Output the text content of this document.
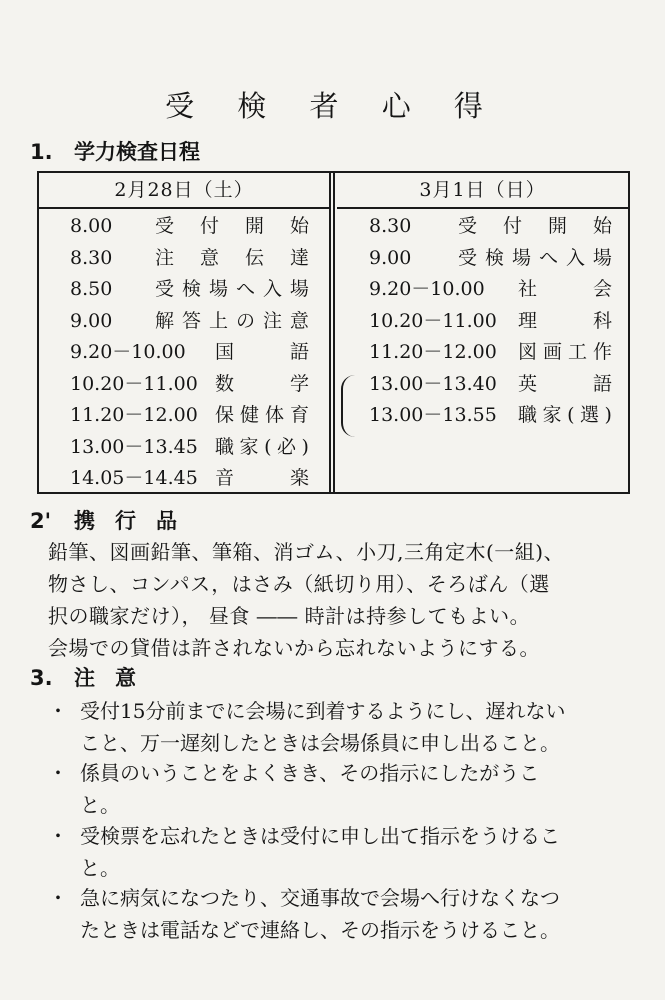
受 検 者 心 得
1. 学力検査日程
2月28日（土）
8.00 受 付 開 始
8.30 注 意 伝 達
8.50 受 検 場 へ 入 場
9.00 解 答 上 の 注 意
9.20－10.00 国	語
10.20－11.00 数	学
11.20－12.00 保 健 体 育
13.00－13.45 職 家 ( 必 )
14.05－14.45 音	楽
3月1日（日）
8.30 受 付 開 始
9.00 受 検 場 へ 入 場
9.20－10.00 社	会
10.20－11.00 理	科
11.20－12.00 図 画 工 作
13.00－13.40 英	語
13.00－13.55 職 家 ( 選 )
2' 携行品
鉛筆、図画鉛筆、筆箱、消ゴム、小刀,三角定木(一組)、
物さし、コンパス，はさみ（紙切り用）、そろばん（選
択の職家だけ）， 昼食 ―― 時計は持参してもよい。
会場での貸借は許されないから忘れないようにする。
3. 注意
・ 受付15分前までに会場に到着するようにし、遅れない
こと、万一遅刻したときは会場係員に申し出ること。
・ 係員のいうことをよくきき、その指示にしたがうこ
と。
・ 受検票を忘れたときは受付に申し出て指示をうけるこ
と。
・ 急に病気になつたり、交通事故で会場へ行けなくなつ
たときは電話などで連絡し、その指示をうけること。
